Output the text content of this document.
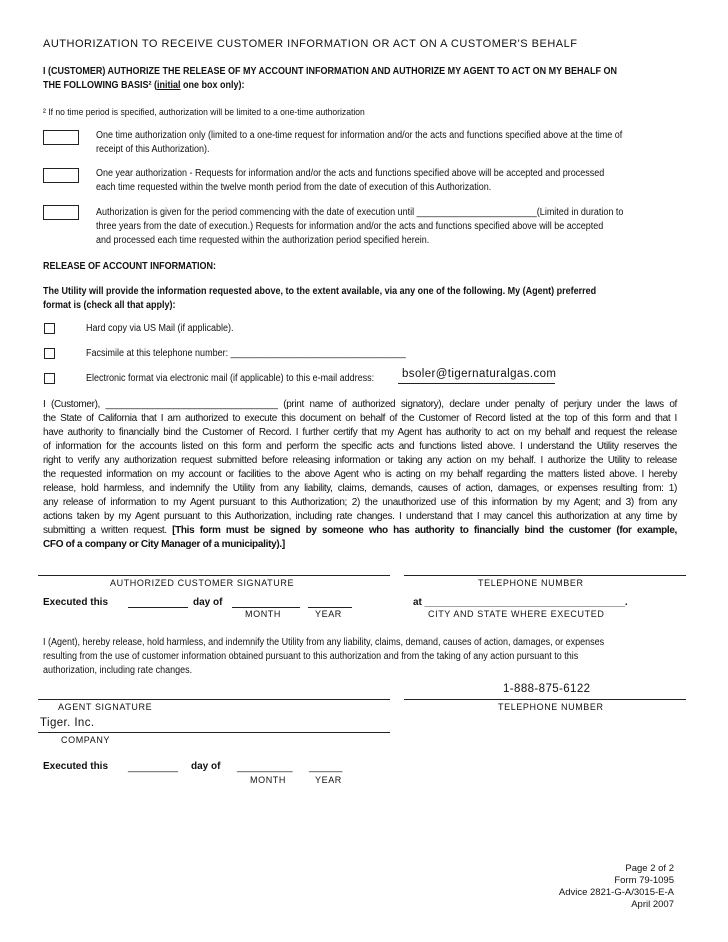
AUTHORIZATION TO RECEIVE CUSTOMER INFORMATION OR ACT ON A CUSTOMER'S BEHALF
I (CUSTOMER) AUTHORIZE THE RELEASE OF MY ACCOUNT INFORMATION AND AUTHORIZE MY AGENT TO ACT ON MY BEHALF ON
THE FOLLOWING BASIS² (initial one box only):
² If no time period is specified, authorization will be limited to a one-time authorization
One time authorization only (limited to a one-time request for information and/or the acts and functions specified above at the time of
receipt of this Authorization).
One year authorization - Requests for information and/or the acts and functions specified above will be accepted and processed
each time requested within the twelve month period from the date of execution of this Authorization.
Authorization is given for the period commencing with the date of execution until ________________________(Limited in duration to
three years from the date of execution.) Requests for information and/or the acts and functions specified above will be accepted
and processed each time requested within the authorization period specified herein.
RELEASE OF ACCOUNT INFORMATION:
The Utility will provide the information requested above, to the extent available, via any one of the following. My (Agent) preferred
format is (check all that apply):
Hard copy via US Mail (if applicable).
Facsimile at this telephone number: ___________________________________
Electronic format via electronic mail (if applicable) to this e-mail address: bsoler@tigernaturalgas.com
I (Customer), _________________________________ (print name of authorized signatory), declare under penalty of perjury under the laws of
the State of California that I am authorized to execute this document on behalf of the Customer of Record listed at the top of this form and that I
have authority to financially bind the Customer of Record. I further certify that my Agent has authority to act on my behalf and request the release
of information for the accounts listed on this form and perform the specific acts and functions listed above. I understand the Utility reserves the
right to verify any authorization request submitted before releasing information or taking any action on my behalf. I authorize the Utility to release
the requested information on my account or facilities to the above Agent who is acting on my behalf regarding the matters listed above. I hereby
release, hold harmless, and indemnify the Utility from any liability, claims, demands, causes of action, damages, or expenses resulting from: 1)
any release of information to my Agent pursuant to this Authorization; 2) the unauthorized use of this information by my Agent; and 3) from any
actions taken by my Agent pursuant to this Authorization, including rate changes. I understand that I may cancel this authorization at any time by
submitting a written request. [This form must be signed by someone who has authority to financially bind the customer (for example,
CFO of a company or City Manager of a municipality).]
AUTHORIZED CUSTOMER SIGNATURE	TELEPHONE NUMBER
Executed this	day of	at ____________________________________.
MONTH	YEAR	CITY AND STATE WHERE EXECUTED
I (Agent), hereby release, hold harmless, and indemnify the Utility from any liability, claims, demand, causes of action, damages, or expenses
resulting from the use of customer information obtained pursuant to this authorization and from the taking of any action pursuant to this
authorization, including rate changes.
1-888-875-6122
AGENT SIGNATURE	TELEPHONE NUMBER
Tiger. Inc.
COMPANY
Executed this _________ day of __________ ______
MONTH	YEAR
Page 2 of 2
Form 79-1095
Advice 2821-G-A/3015-E-A
April 2007
